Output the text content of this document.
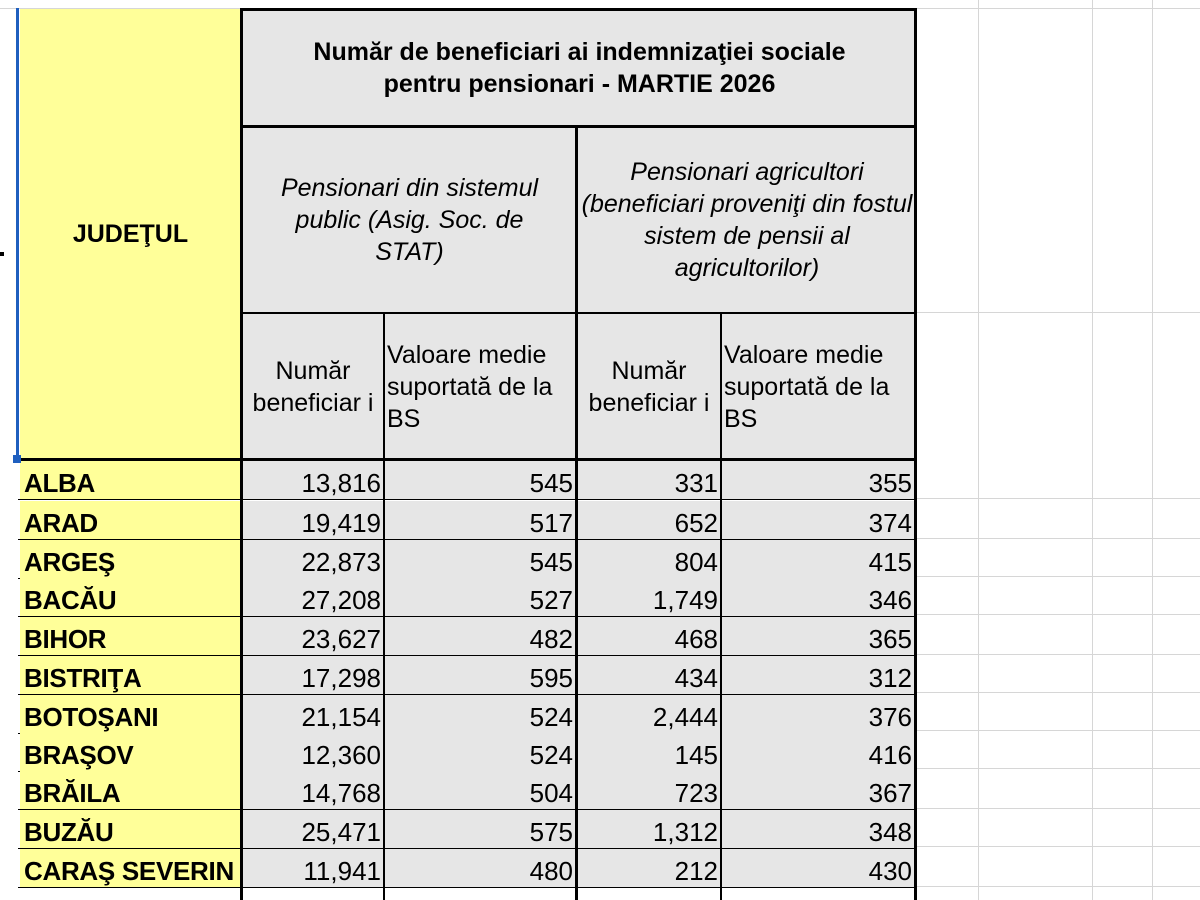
JUDEŢUL
Număr de beneficiari ai indemnizaţiei sociale
pentru pensionari - MARTIE 2026
Pensionari din sistemul public (Asig. Soc. de STAT)
Pensionari agricultori (beneficiari proveniţi din fostul sistem de pensii al agricultorilor)
Număr beneficiar i
Valoare medie suportată de la BS
Număr beneficiar i
Valoare medie suportată de la BS
ALBA	13,816	545	331	355
ARAD	19,419	517	652	374
ARGEŞ	22,873	545	804	415
BACĂU	27,208	527	1,749	346
BIHOR	23,627	482	468	365
BISTRIŢA	17,298	595	434	312
BOTOŞANI	21,154	524	2,444	376
BRAŞOV	12,360	524	145	416
BRĂILA	14,768	504	723	367
BUZĂU	25,471	575	1,312	348
CARAŞ SEVERIN	11,941	480	212	430
